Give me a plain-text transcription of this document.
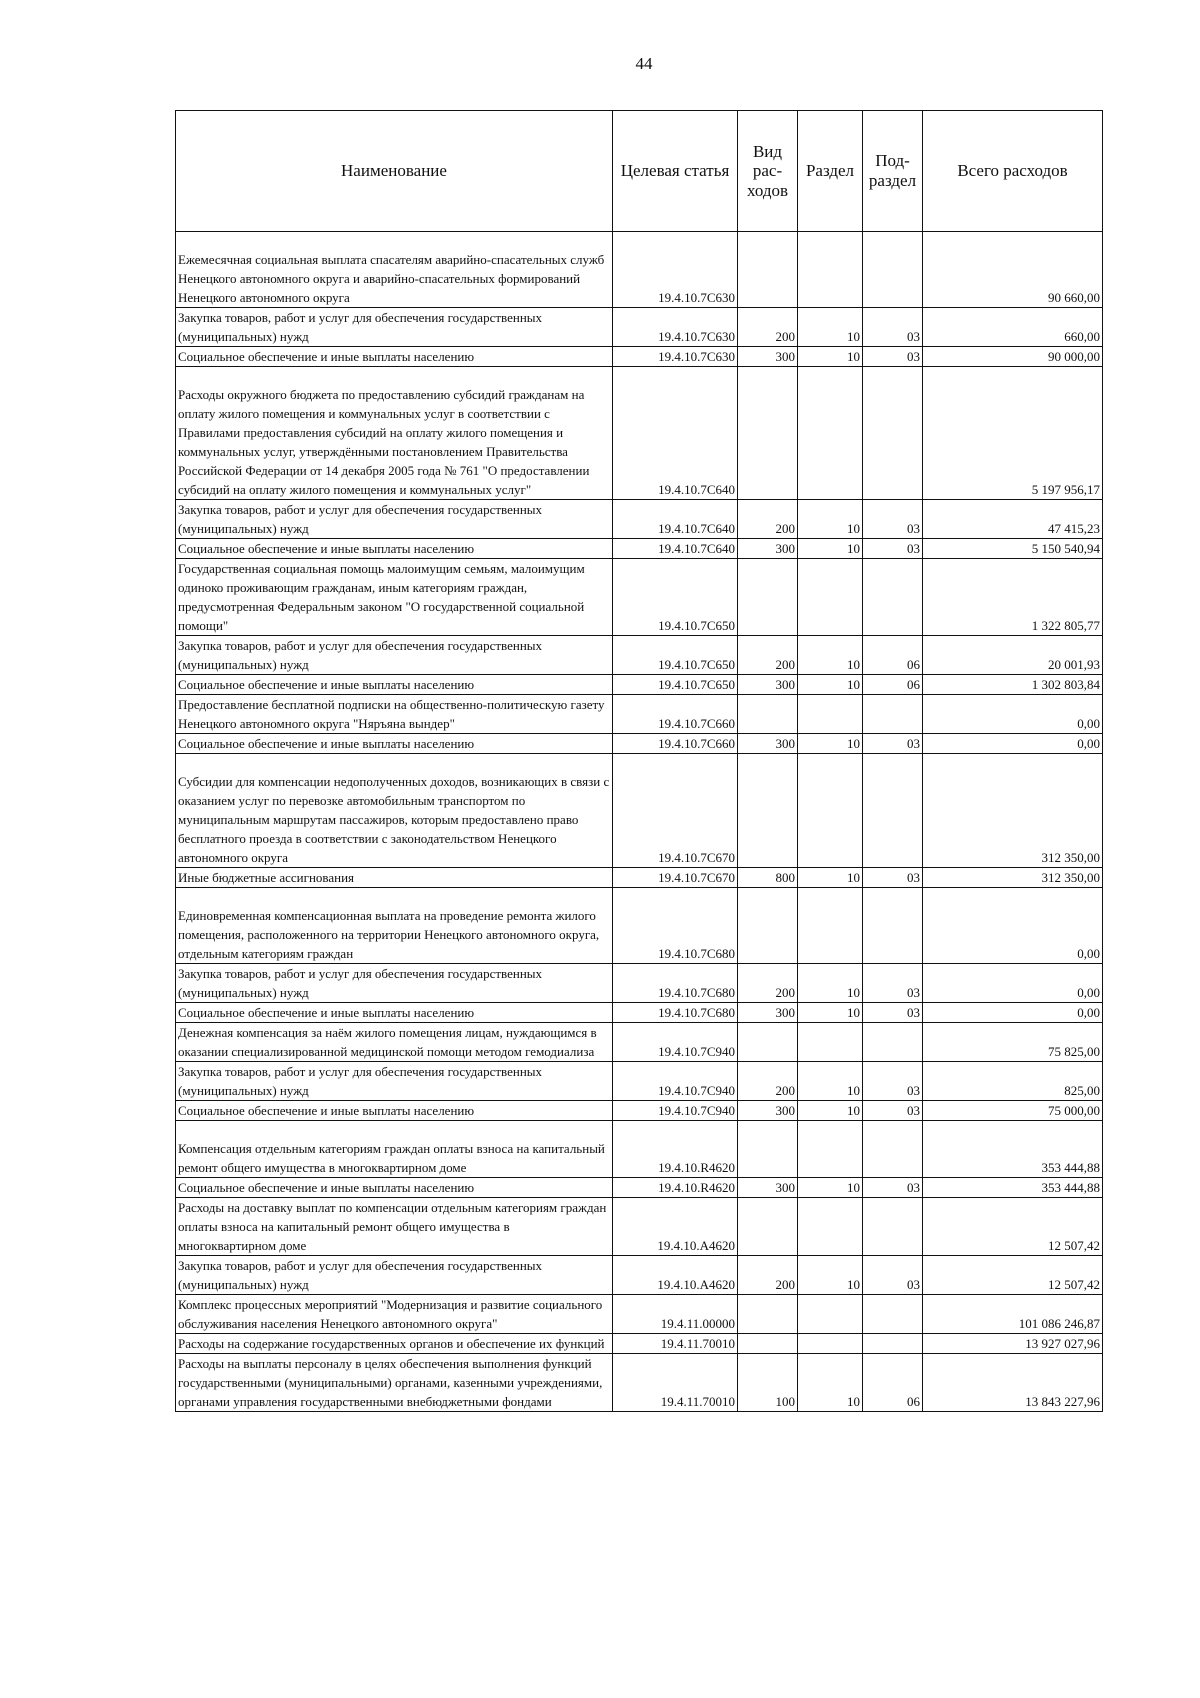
44
Наименование	Целевая статья	Вид рас-ходов	Раздел	Под-раздел	Всего расходов
Ежемесячная социальная выплата спасателям аварийно-спасательных служб Ненецкого автономного округа и аварийно-спасательных формирований Ненецкого автономного округа	19.4.10.7С630				90 660,00
Закупка товаров, работ и услуг для обеспечения государственных (муниципальных) нужд	19.4.10.7С630	200	10	03	660,00
Социальное обеспечение и иные выплаты населению	19.4.10.7С630	300	10	03	90 000,00
Расходы окружного бюджета по предоставлению субсидий гражданам на оплату жилого помещения и коммунальных услуг в соответствии с Правилами предоставления субсидий на оплату жилого помещения и коммунальных услуг, утверждёнными постановлением Правительства Российской Федерации от 14 декабря 2005 года № 761 "О предоставлении субсидий на оплату жилого помещения и коммунальных услуг"	19.4.10.7С640				5 197 956,17
Закупка товаров, работ и услуг для обеспечения государственных (муниципальных) нужд	19.4.10.7С640	200	10	03	47 415,23
Социальное обеспечение и иные выплаты населению	19.4.10.7С640	300	10	03	5 150 540,94
Государственная социальная помощь малоимущим семьям, малоимущим одиноко проживающим гражданам, иным категориям граждан, предусмотренная Федеральным законом "О государственной социальной помощи"	19.4.10.7С650				1 322 805,77
Закупка товаров, работ и услуг для обеспечения государственных (муниципальных) нужд	19.4.10.7С650	200	10	06	20 001,93
Социальное обеспечение и иные выплаты населению	19.4.10.7С650	300	10	06	1 302 803,84
Предоставление бесплатной подписки на общественно-политическую газету Ненецкого автономного округа "Няръяна вындер"	19.4.10.7С660				0,00
Социальное обеспечение и иные выплаты населению	19.4.10.7С660	300	10	03	0,00
Субсидии для компенсации недополученных доходов, возникающих в связи с оказанием услуг по перевозке автомобильным транспортом по муниципальным маршрутам пассажиров, которым предоставлено право бесплатного проезда в соответствии с законодательством Ненецкого автономного округа	19.4.10.7С670				312 350,00
Иные бюджетные ассигнования	19.4.10.7С670	800	10	03	312 350,00
Единовременная компенсационная выплата на проведение ремонта жилого помещения, расположенного на территории Ненецкого автономного округа, отдельным категориям граждан	19.4.10.7С680				0,00
Закупка товаров, работ и услуг для обеспечения государственных (муниципальных) нужд	19.4.10.7С680	200	10	03	0,00
Социальное обеспечение и иные выплаты населению	19.4.10.7С680	300	10	03	0,00
Денежная компенсация за наём жилого помещения лицам, нуждающимся в оказании специализированной медицинской помощи методом гемодиализа	19.4.10.7С940				75 825,00
Закупка товаров, работ и услуг для обеспечения государственных (муниципальных) нужд	19.4.10.7С940	200	10	03	825,00
Социальное обеспечение и иные выплаты населению	19.4.10.7С940	300	10	03	75 000,00
Компенсация отдельным категориям граждан оплаты взноса на капитальный ремонт общего имущества в многоквартирном доме	19.4.10.R4620				353 444,88
Социальное обеспечение и иные выплаты населению	19.4.10.R4620	300	10	03	353 444,88
Расходы на доставку выплат по компенсации отдельным категориям граждан оплаты взноса на капитальный ремонт общего имущества в многоквартирном доме	19.4.10.А4620				12 507,42
Закупка товаров, работ и услуг для обеспечения государственных (муниципальных) нужд	19.4.10.А4620	200	10	03	12 507,42
Комплекс процессных мероприятий "Модернизация и развитие социального обслуживания населения Ненецкого автономного округа"	19.4.11.00000				101 086 246,87
Расходы на содержание государственных органов и обеспечение их функций	19.4.11.70010				13 927 027,96
Расходы на выплаты персоналу в целях обеспечения выполнения функций государственными (муниципальными) органами, казенными учреждениями, органами управления государственными внебюджетными фондами	19.4.11.70010	100	10	06	13 843 227,96
